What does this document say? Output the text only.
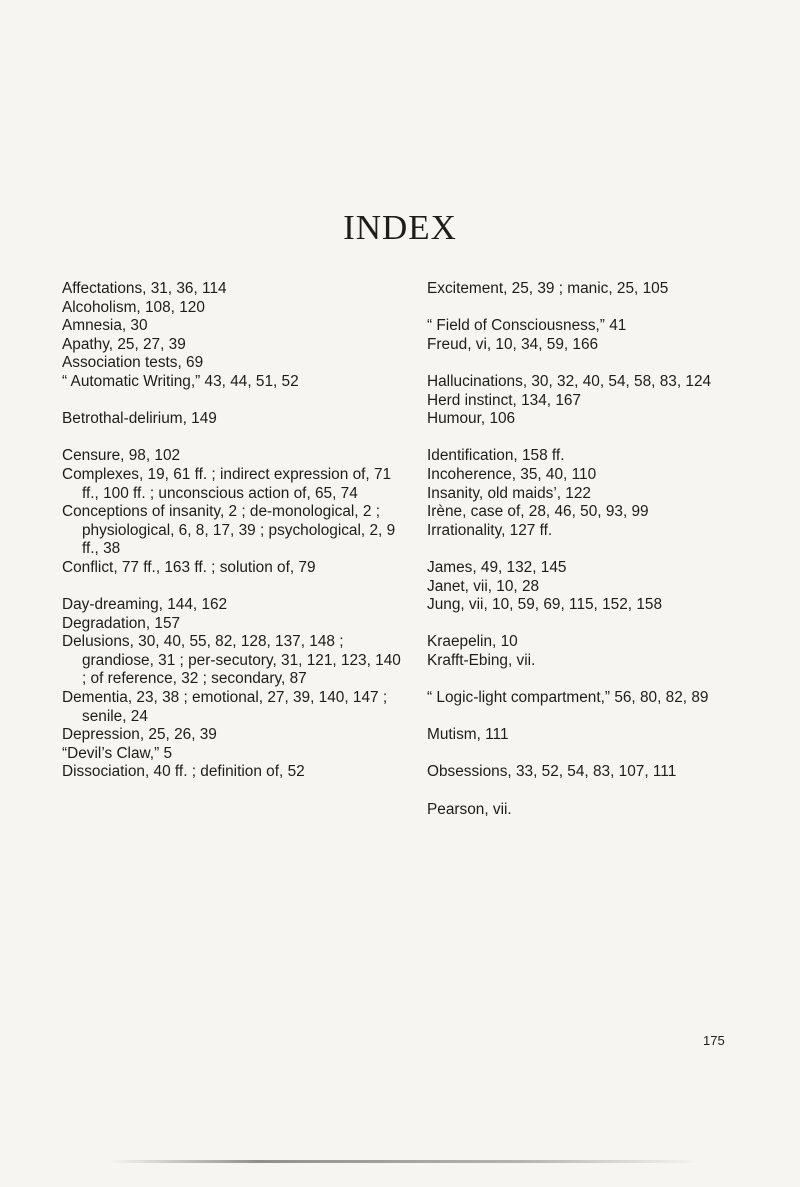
INDEX
Affectations, 31, 36, 114
Alcoholism, 108, 120
Amnesia, 30
Apathy, 25, 27, 39
Association tests, 69
“ Automatic Writing,” 43, 44, 51, 52
Betrothal-delirium, 149
Censure, 98, 102
Complexes, 19, 61 ff. ; indirect expression of, 71 ff., 100 ff. ; unconscious action of, 65, 74
Conceptions of insanity, 2 ; de-monological, 2 ; physiological, 6, 8, 17, 39 ; psychological, 2, 9 ff., 38
Conflict, 77 ff., 163 ff. ; solution of, 79
Day-dreaming, 144, 162
Degradation, 157
Delusions, 30, 40, 55, 82, 128, 137, 148 ; grandiose, 31 ; per-secutory, 31, 121, 123, 140 ; of reference, 32 ; secondary, 87
Dementia, 23, 38 ; emotional, 27, 39, 140, 147 ; senile, 24
Depression, 25, 26, 39
“Devil’s Claw,” 5
Dissociation, 40 ff. ; definition of, 52
Excitement, 25, 39 ; manic, 25, 105
“ Field of Consciousness,” 41
Freud, vi, 10, 34, 59, 166
Hallucinations, 30, 32, 40, 54, 58, 83, 124
Herd instinct, 134, 167
Humour, 106
Identification, 158 ff.
Incoherence, 35, 40, 110
Insanity, old maids’, 122
Irène, case of, 28, 46, 50, 93, 99
Irrationality, 127 ff.
James, 49, 132, 145
Janet, vii, 10, 28
Jung, vii, 10, 59, 69, 115, 152, 158
Kraepelin, 10
Krafft-Ebing, vii.
“ Logic-light compartment,” 56, 80, 82, 89
Mutism, 111
Obsessions, 33, 52, 54, 83, 107, 111
Pearson, vii.
175
